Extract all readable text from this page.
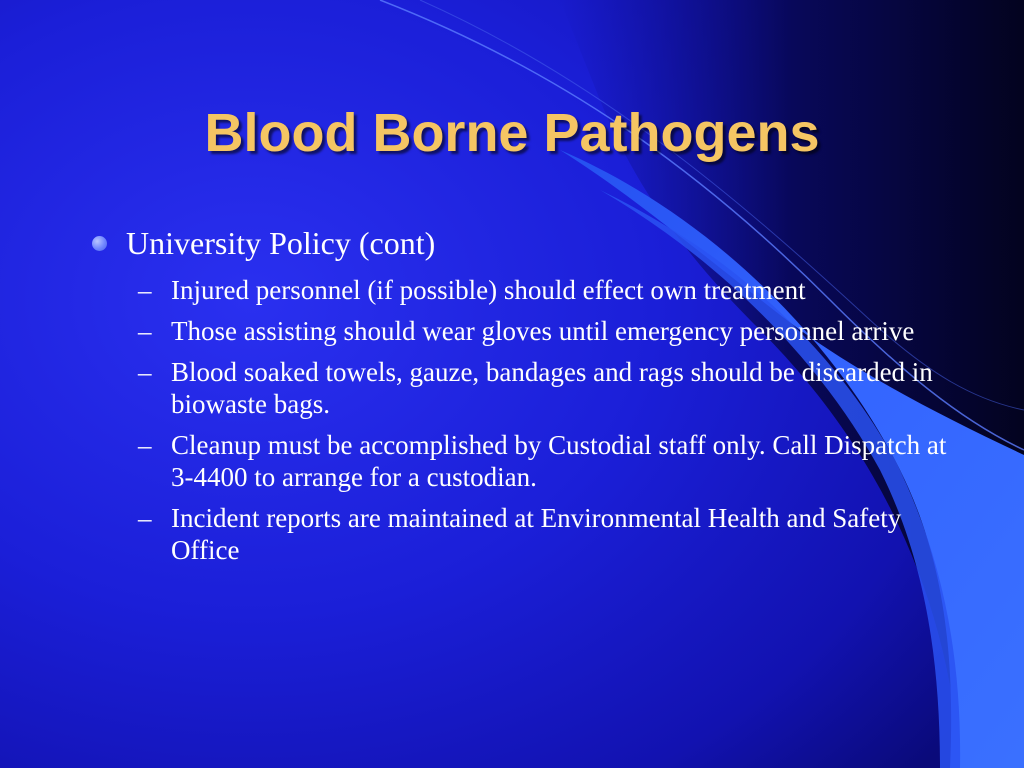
Blood Borne Pathogens
University Policy (cont)
– Injured personnel (if possible) should effect own treatment
– Those assisting should wear gloves until emergency personnel arrive
– Blood soaked towels, gauze, bandages and rags should be discarded in biowaste bags.
– Cleanup must be accomplished by Custodial staff only. Call Dispatch at 3-4400 to arrange for a custodian.
– Incident reports are maintained at Environmental Health and Safety Office
